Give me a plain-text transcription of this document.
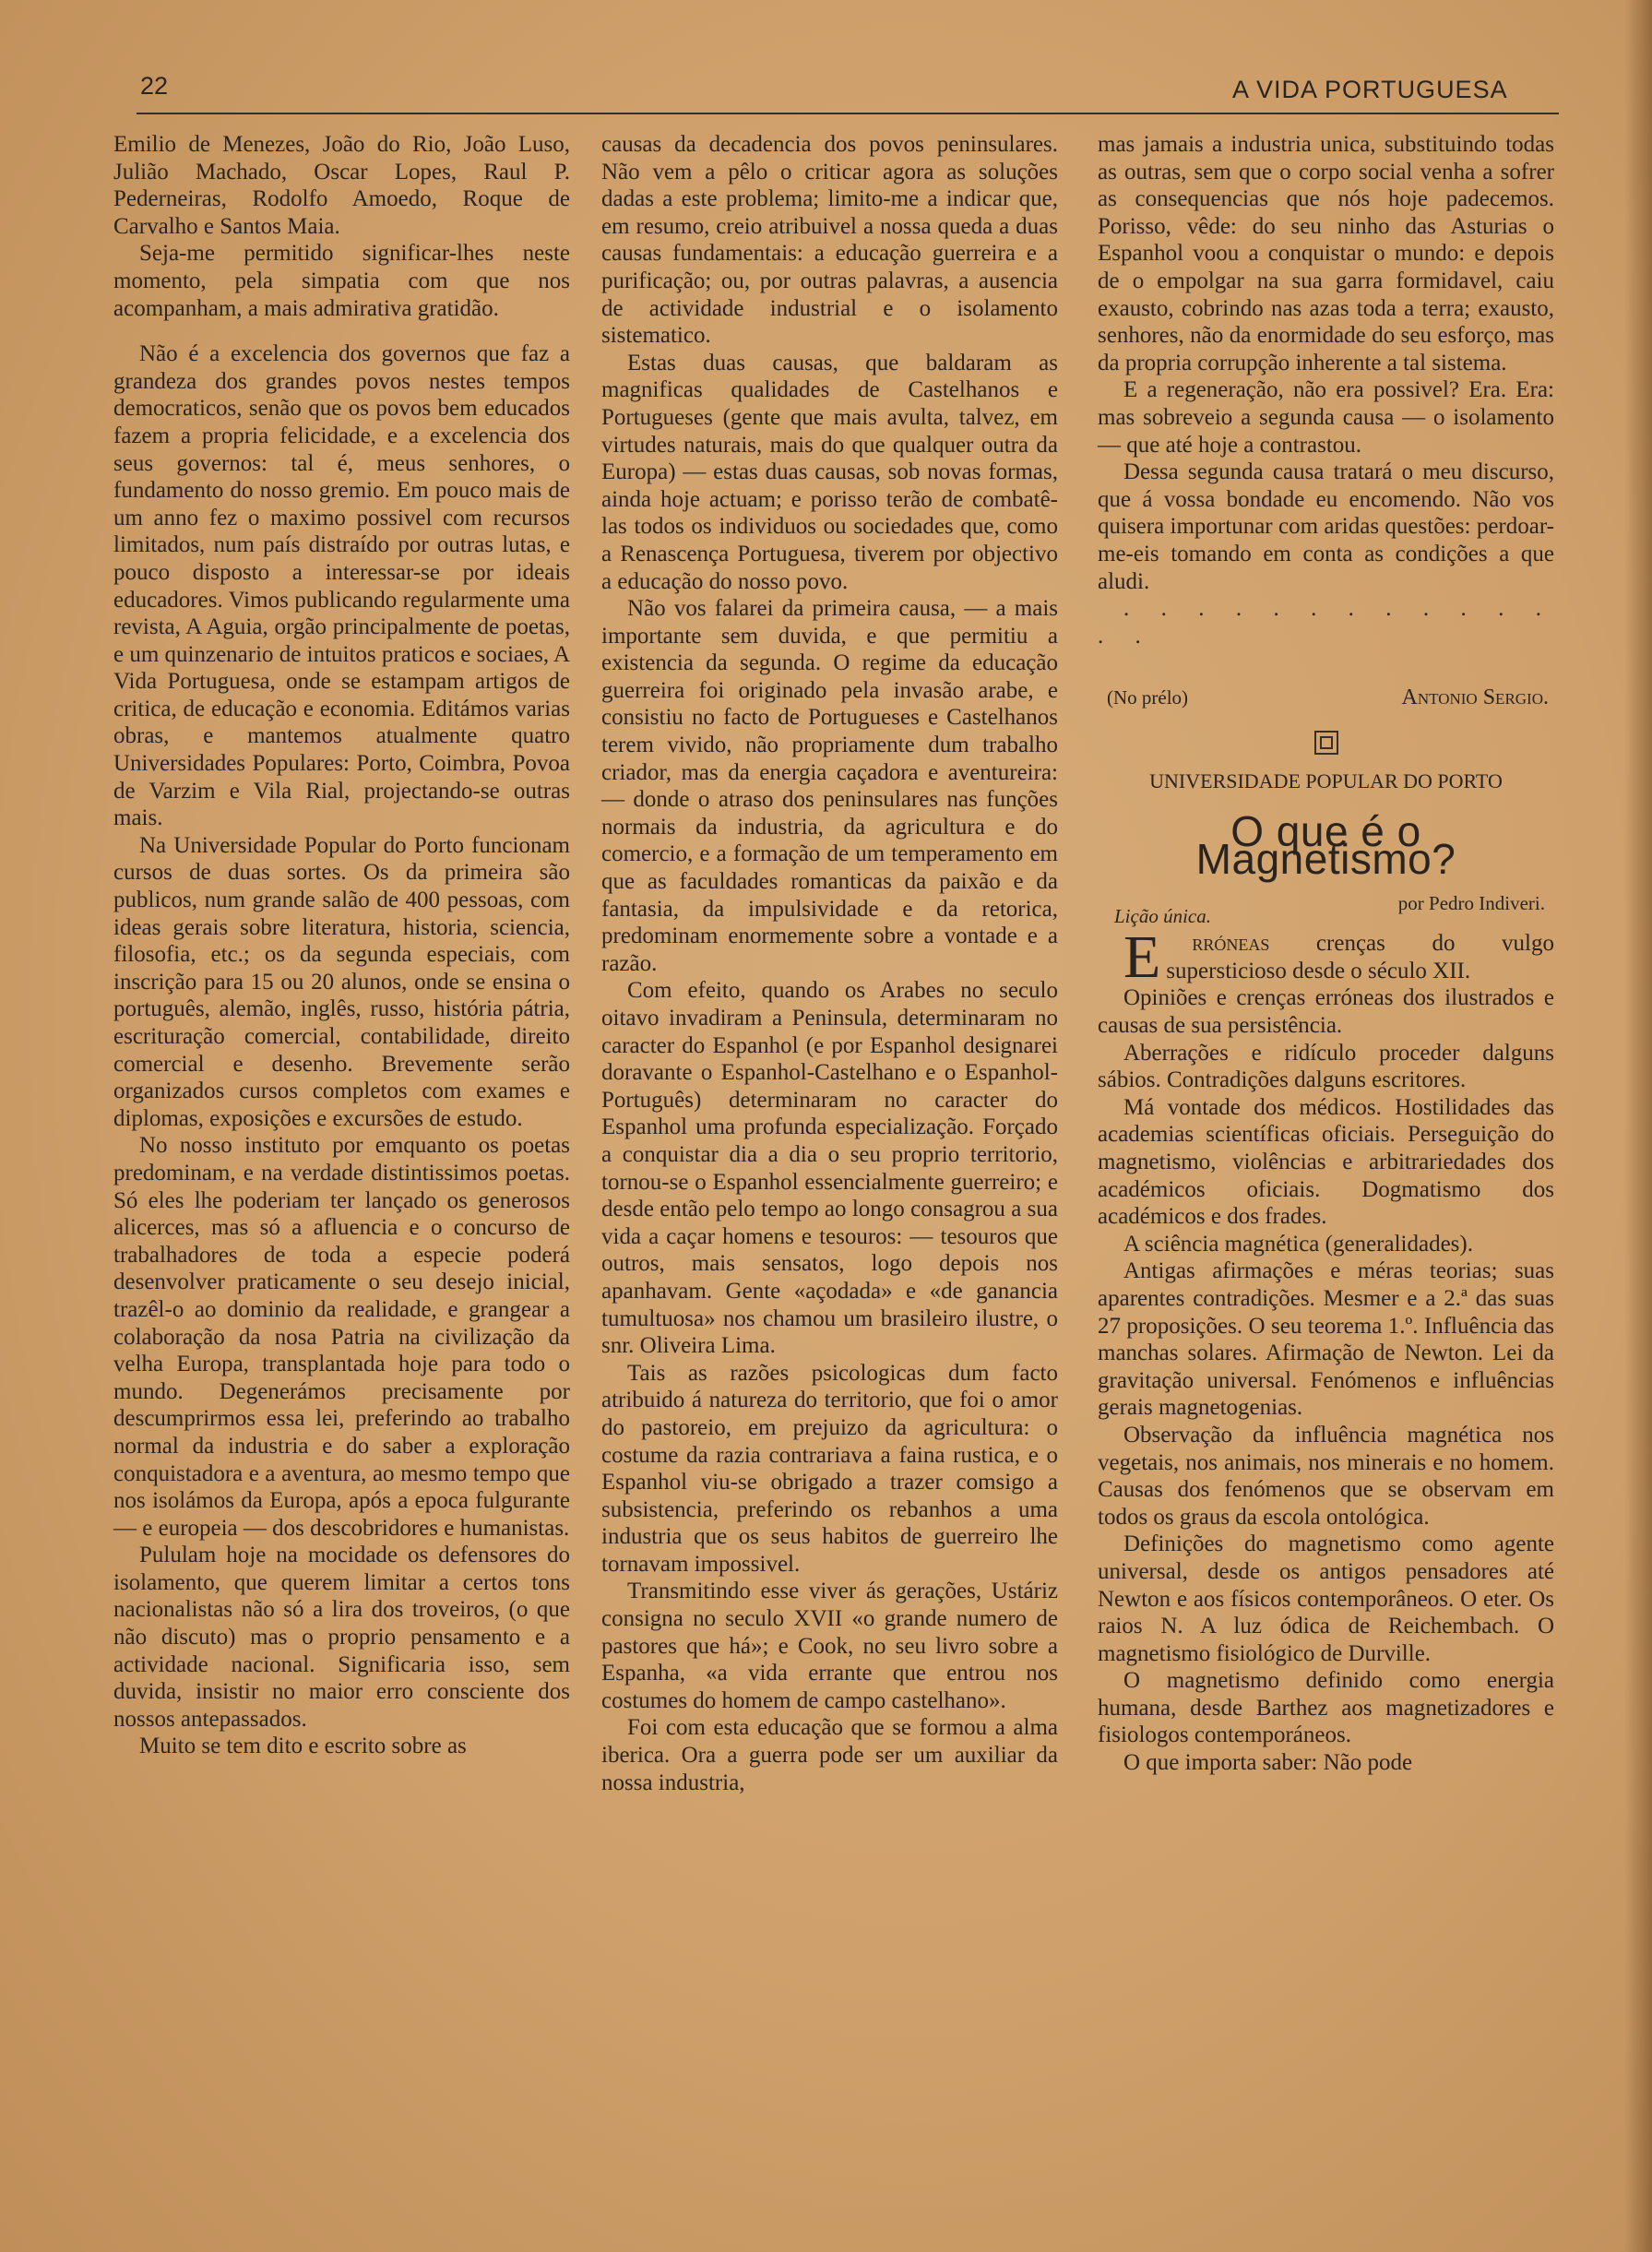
22	A VIDA PORTUGUESA

Emilio de Menezes, João do Rio, João Luso, Julião Machado, Oscar Lopes, Raul P. Pederneiras, Rodolfo Amoedo, Roque de Carvalho e Santos Maia.

Seja-me permitido significar-lhes neste momento, pela simpatia com que nos acompanham, a mais admirativa gratidão.

Não é a excelencia dos governos que faz a grandeza dos grandes povos nestes tempos democraticos, senão que os povos bem educados fazem a propria felicidade, e a excelencia dos seus governos: tal é, meus senhores, o fundamento do nosso gremio. Em pouco mais de um anno fez o maximo possivel com recursos limitados, num país distraído por outras lutas, e pouco disposto a interessar-se por ideais educadores. Vimos publicando regularmente uma revista, A Aguia, orgão principalmente de poetas, e um quinzenario de intuitos praticos e sociaes, A Vida Portuguesa, onde se estampam artigos de critica, de educação e economia. Editámos varias obras, e mantemos atualmente quatro Universidades Populares: Porto, Coimbra, Povoa de Varzim e Vila Rial, projectando-se outras mais.

Na Universidade Popular do Porto funcionam cursos de duas sortes. Os da primeira são publicos, num grande salão de 400 pessoas, com ideas gerais sobre literatura, historia, sciencia, filosofia, etc.; os da segunda especiais, com inscrição para 15 ou 20 alunos, onde se ensina o português, alemão, inglês, russo, história pátria, escrituração comercial, contabilidade, direito comercial e desenho. Brevemente serão organizados cursos completos com exames e diplomas, exposições e excursões de estudo.

No nosso instituto por emquanto os poetas predominam, e na verdade distintissimos poetas. Só eles lhe poderiam ter lançado os generosos alicerces, mas só a afluencia e o concurso de trabalhadores de toda a especie poderá desenvolver praticamente o seu desejo inicial, trazêl-o ao dominio da realidade, e grangear a colaboração da nosa Patria na civilização da velha Europa, transplantada hoje para todo o mundo. Degenerámos precisamente por descumprirmos essa lei, preferindo ao trabalho normal da industria e do saber a exploração conquistadora e a aventura, ao mesmo tempo que nos isolámos da Europa, após a epoca fulgurante — e europeia — dos descobridores e humanistas.

Pululam hoje na mocidade os defensores do isolamento, que querem limitar a certos tons nacionalistas não só a lira dos troveiros, (o que não discuto) mas o proprio pensamento e a actividade nacional. Significaria isso, sem duvida, insistir no maior erro consciente dos nossos antepassados.

Muito se tem dito e escrito sobre as

causas da decadencia dos povos peninsulares. Não vem a pêlo o criticar agora as soluções dadas a este problema; limito-me a indicar que, em resumo, creio atribuivel a nossa queda a duas causas fundamentais: a educação guerreira e a purificação; ou, por outras palavras, a ausencia de actividade industrial e o isolamento sistematico.

Estas duas causas, que baldaram as magnificas qualidades de Castelhanos e Portugueses (gente que mais avulta, talvez, em virtudes naturais, mais do que qualquer outra da Europa) — estas duas causas, sob novas formas, ainda hoje actuam; e porisso terão de combatê-las todos os individuos ou sociedades que, como a Renascença Portuguesa, tiverem por objectivo a educação do nosso povo.

Não vos falarei da primeira causa, — a mais importante sem duvida, e que permitiu a existencia da segunda. O regime da educação guerreira foi originado pela invasão arabe, e consistiu no facto de Portugueses e Castelhanos terem vivido, não propriamente dum trabalho criador, mas da energia caçadora e aventureira: — donde o atraso dos peninsulares nas funções normais da industria, da agricultura e do comercio, e a formação de um temperamento em que as faculdades romanticas da paixão e da fantasia, da impulsividade e da retorica, predominam enormemente sobre a vontade e a razão.

Com efeito, quando os Arabes no seculo oitavo invadiram a Peninsula, determinaram no caracter do Espanhol (e por Espanhol designarei doravante o Espanhol-Castelhano e o Espanhol-Português) determinaram no caracter do Espanhol uma profunda especialização. Forçado a conquistar dia a dia o seu proprio territorio, tornou-se o Espanhol essencialmente guerreiro; e desde então pelo tempo ao longo consagrou a sua vida a caçar homens e tesouros: — tesouros que outros, mais sensatos, logo depois nos apanhavam. Gente «açodada» e «de ganancia tumultuosa» nos chamou um brasileiro ilustre, o snr. Oliveira Lima.

Tais as razões psicologicas dum facto atribuido á natureza do territorio, que foi o amor do pastoreio, em prejuizo da agricultura: o costume da razia contrariava a faina rustica, e o Espanhol viu-se obrigado a trazer comsigo a subsistencia, preferindo os rebanhos a uma industria que os seus habitos de guerreiro lhe tornavam impossivel.

Transmitindo esse viver ás gerações, Ustáriz consigna no seculo XVII «o grande numero de pastores que há»; e Cook, no seu livro sobre a Espanha, «a vida errante que entrou nos costumes do homem de campo castelhano».

Foi com esta educação que se formou a alma iberica. Ora a guerra pode ser um auxiliar da nossa industria,

mas jamais a industria unica, substituindo todas as outras, sem que o corpo social venha a sofrer as consequencias que nós hoje padecemos. Porisso, vêde: do seu ninho das Asturias o Espanhol voou a conquistar o mundo: e depois de o empolgar na sua garra formidavel, caiu exausto, cobrindo nas azas toda a terra; exausto, senhores, não da enormidade do seu esforço, mas da propria corrupção inherente a tal sistema.

E a regeneração, não era possivel? Era. Era: mas sobreveio a segunda causa — o isolamento — que até hoje a contrastou.

Dessa segunda causa tratará o meu discurso, que á vossa bondade eu encomendo. Não vos quisera importunar com aridas questões: perdoar-me-eis tomando em conta as condições a que aludi.

. . . . . . . . . . . . . .

(No prélo)	Antonio Sergio.
UNIVERSIDADE POPULAR DO PORTO
O que é o Magnetismo?
Lição única.
por Pedro Indiveri.

E rróneas crenças do vulgo supersticioso desde o século XII.

Opiniões e crenças erróneas dos ilustrados e causas de sua persistência.

Aberrações e ridículo proceder dalguns sábios. Contradições dalguns escritores.

Má vontade dos médicos. Hostilidades das academias scientíficas oficiais. Perseguição do magnetismo, violências e arbitrariedades dos académicos oficiais. Dogmatismo dos académicos e dos frades.

A sciência magnética (generalidades).

Antigas afirmações e méras teorias; suas aparentes contradições. Mesmer e a 2.ª das suas 27 proposições. O seu teorema 1.º. Influência das manchas solares. Afirmação de Newton. Lei da gravitação universal. Fenómenos e influências gerais magnetogenias.

Observação da influência magnética nos vegetais, nos animais, nos minerais e no homem. Causas dos fenómenos que se observam em todos os graus da escola ontológica.

Definições do magnetismo como agente universal, desde os antigos pensadores até Newton e aos físicos contemporâneos. O eter. Os raios N. A luz ódica de Reichembach. O magnetismo fisiológico de Durville.

O magnetismo definido como energia humana, desde Barthez aos magnetizadores e fisiologos contemporáneos.

O que importa saber: Não pode
